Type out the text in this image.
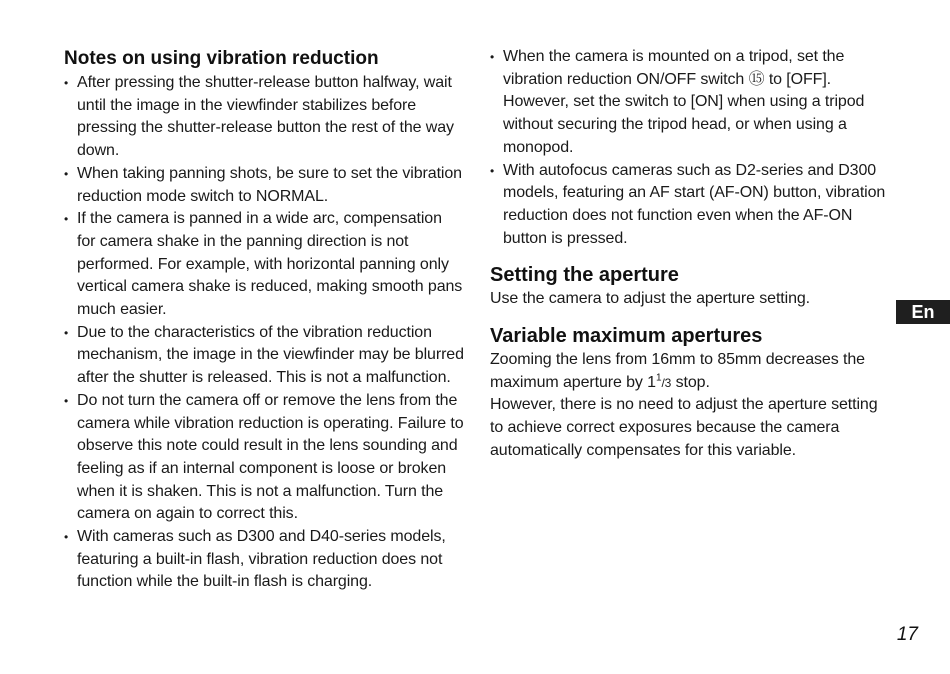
Notes on using vibration reduction
• After pressing the shutter-release button halfway, wait until the image in the viewfinder stabilizes before pressing the shutter-release button the rest of the way down.
• When taking panning shots, be sure to set the vibration reduction mode switch to NORMAL.
• If the camera is panned in a wide arc, compensation for camera shake in the panning direction is not performed. For example, with horizontal panning only vertical camera shake is reduced, making smooth pans much easier.
• Due to the characteristics of the vibration reduction mechanism, the image in the viewfinder may be blurred after the shutter is released. This is not a malfunction.
• Do not turn the camera off or remove the lens from the camera while vibration reduction is operating. Failure to observe this note could result in the lens sounding and feeling as if an internal component is loose or broken when it is shaken. This is not a malfunction. Turn the camera on again to correct this.
• With cameras such as D300 and D40-series models, featuring a built-in flash, vibration reduction does not function while the built-in flash is charging.
• When the camera is mounted on a tripod, set the vibration reduction ON/OFF switch ⑮ to [OFF]. However, set the switch to [ON] when using a tripod without securing the tripod head, or when using a monopod.
• With autofocus cameras such as D2-series and D300 models, featuring an AF start (AF-ON) button, vibration reduction does not function even when the AF-ON button is pressed.
Setting the aperture

Use the camera to adjust the aperture setting.

Variable maximum apertures

Zooming the lens from 16mm to 85mm decreases the maximum aperture by $1^1/3$ stop.

However, there is no need to adjust the aperture setting to achieve correct exposures because the camera automatically compensates for this variable.

En
17
